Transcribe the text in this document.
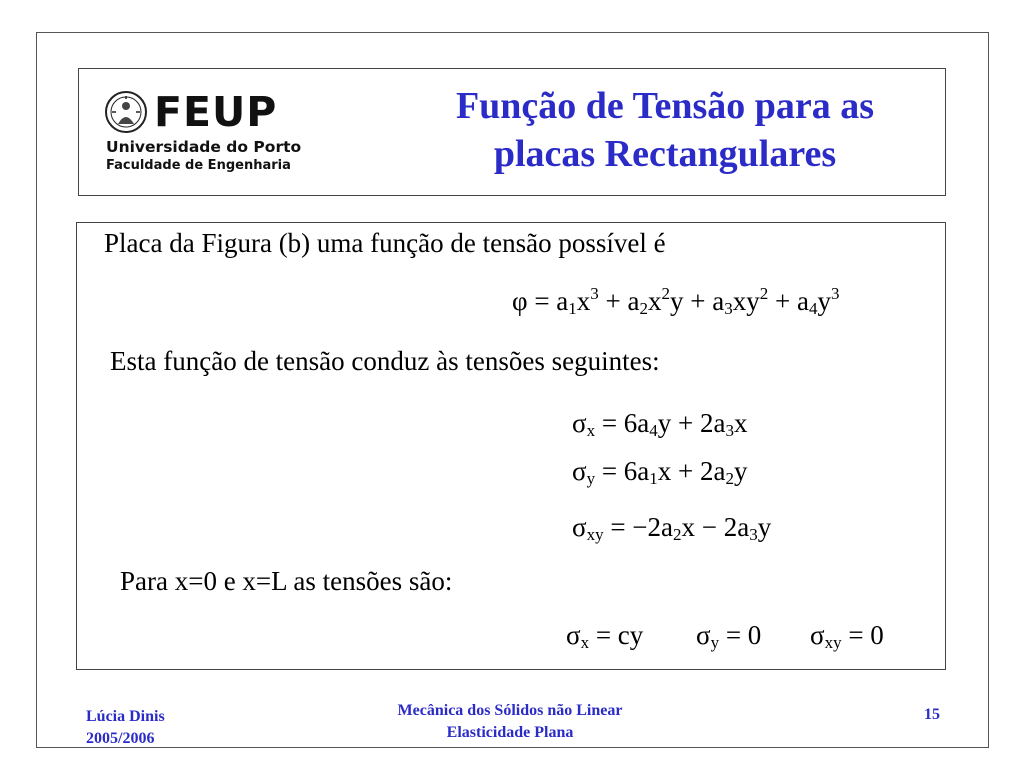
FEUP
Universidade do Porto
Faculdade de Engenharia
Função de Tensão para as
placas Rectangulares
Placa da Figura (b) uma função de tensão possível é
$\varphi = a_1x^3 + a_2x^2y + a_3xy^2 + a_4y^3$
Esta função de tensão conduz às tensões seguintes:
$\sigma_x = 6a_4y + 2a_3x$
$\sigma_y = 6a_1x + 2a_2y$
$\sigma_{xy} = -2a_2x - 2a_3y$
Para x=0 e x=L as tensões são:
$\sigma_x$ = cy $\sigma_y = 0$ $\sigma_{xy} = 0$
Lúcia Dinis
2005/2006
Mecânica dos Sólidos não Linear
Elasticidade Plana
15
